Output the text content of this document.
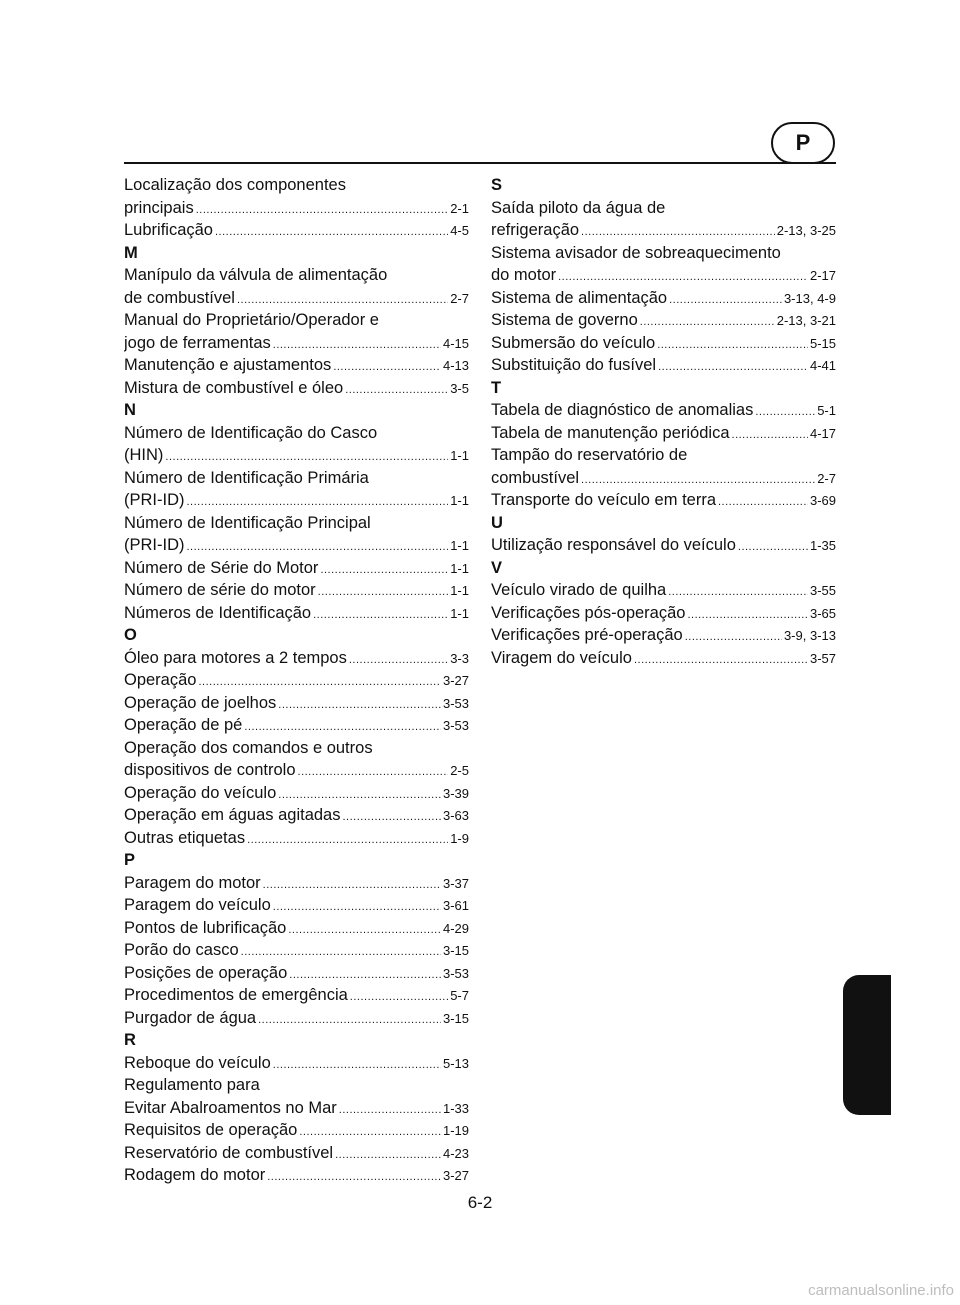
P
Localização dos componentes
principais .....	2-1
Lubrificação .....	4-5
M
Manípulo da válvula de alimentação
de combustível .....	2-7
Manual do Proprietário/Operador e
jogo de ferramentas .....	4-15
Manutenção e ajustamentos .....	4-13
Mistura de combustível e óleo .....	3-5
N
Número de Identificação do Casco
(HIN) .....	1-1
Número de Identificação Primária
(PRI-ID) .....	1-1
Número de Identificação Principal
(PRI-ID) .....	1-1
Número de Série do Motor .....	1-1
Número de série do motor .....	1-1
Números de Identificação .....	1-1
O
Óleo para motores a 2 tempos .....	3-3
Operação .....	3-27
Operação de joelhos .....	3-53
Operação de pé .....	3-53
Operação dos comandos e outros
dispositivos de controlo .....	2-5
Operação do veículo .....	3-39
Operação em águas agitadas .....	3-63
Outras etiquetas .....	1-9
P
Paragem do motor .....	3-37
Paragem do veículo .....	3-61
Pontos de lubrificação .....	4-29
Porão do casco .....	3-15
Posições de operação .....	3-53
Procedimentos de emergência .....	5-7
Purgador de água .....	3-15
R
Reboque do veículo .....	5-13
Regulamento para
Evitar Abalroamentos no Mar .....	1-33
Requisitos de operação .....	1-19
Reservatório de combustível .....	4-23
Rodagem do motor .....	3-27
S
Saída piloto da água de
refrigeração .....	2-13, 3-25
Sistema avisador de sobreaquecimento
do motor .....	2-17
Sistema de alimentação .....	3-13, 4-9
Sistema de governo .....	2-13, 3-21
Submersão do veículo .....	5-15
Substituição do fusível .....	4-41
T
Tabela de diagnóstico de anomalias .....	5-1
Tabela de manutenção periódica .....	4-17
Tampão do reservatório de
combustível .....	2-7
Transporte do veículo em terra .....	3-69
U
Utilização responsável do veículo .....	1-35
V
Veículo virado de quilha .....	3-55
Verificações pós-operação .....	3-65
Verificações pré-operação .....	3-9, 3-13
Viragem do veículo .....	3-57
6-2
carmanualsonline.info
